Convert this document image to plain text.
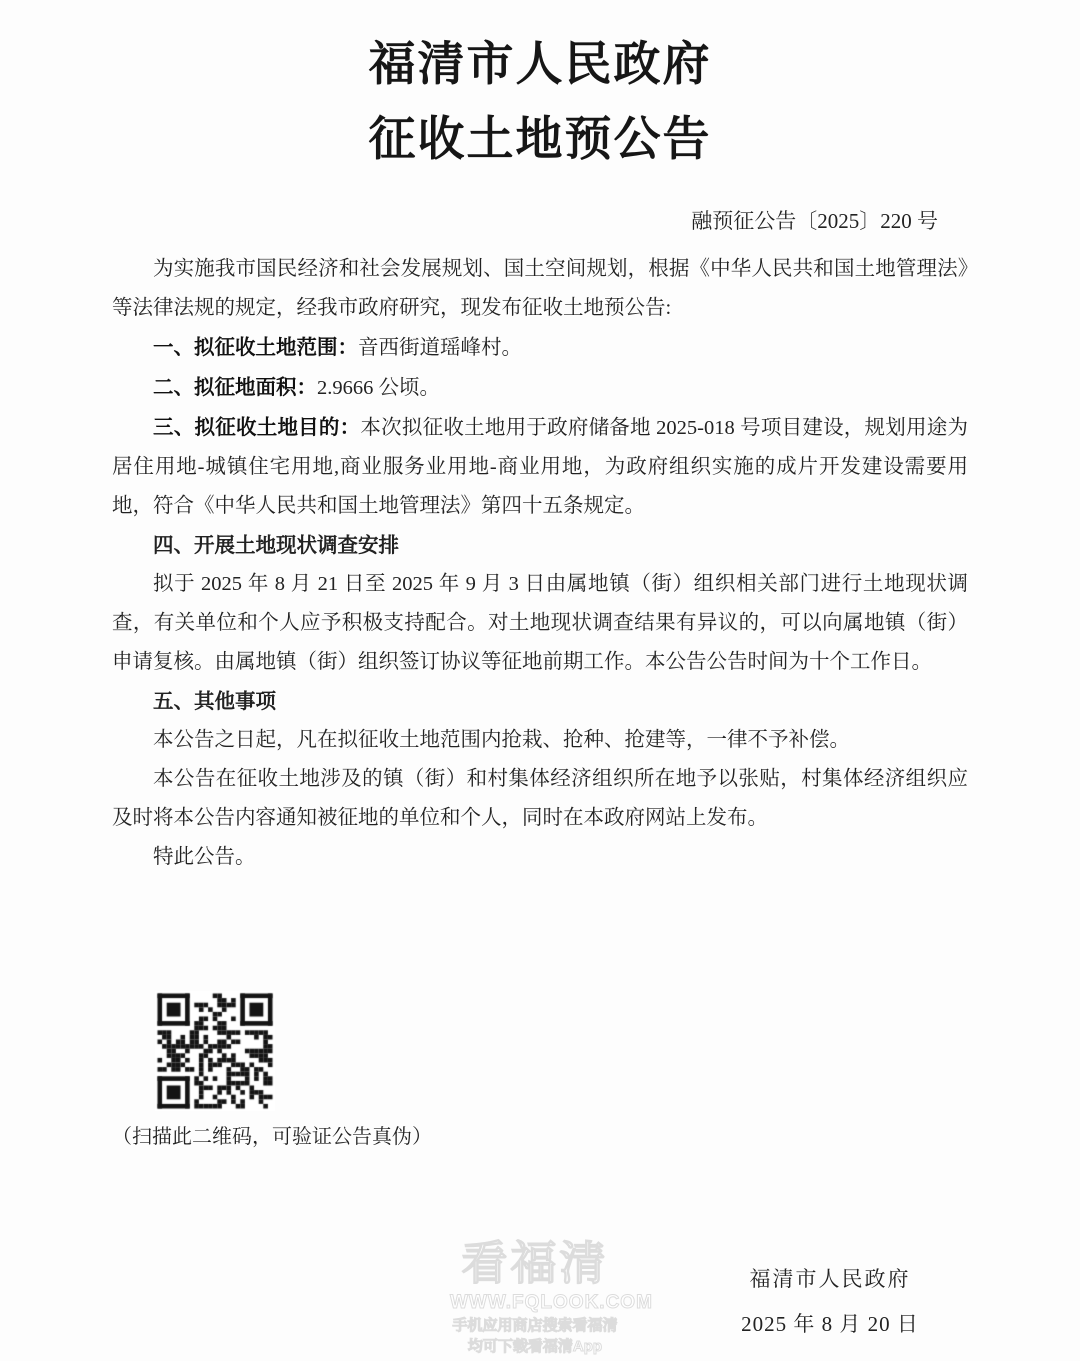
福清市人民政府
征收土地预公告
融预征公告〔2025〕220 号

为实施我市国民经济和社会发展规划、国土空间规划，根据《中华人民共和国土地管理法》等法律法规的规定，经我市政府研究，现发布征收土地预公告:

一、拟征收土地范围：音西街道瑶峰村。

二、拟征地面积：2.9666 公顷。

三、拟征收土地目的：本次拟征收土地用于政府储备地 2025-018 号项目建设，规划用途为居住用地-城镇住宅用地,商业服务业用地-商业用地，为政府组织实施的成片开发建设需要用地，符合《中华人民共和国土地管理法》第四十五条规定。

四、开展土地现状调查安排

拟于 2025 年 8 月 21 日至 2025 年 9 月 3 日由属地镇（街）组织相关部门进行土地现状调查，有关单位和个人应予积极支持配合。对土地现状调查结果有异议的，可以向属地镇（街）申请复核。由属地镇（街）组织签订协议等征地前期工作。本公告公告时间为十个工作日。

五、其他事项

本公告之日起，凡在拟征收土地范围内抢栽、抢种、抢建等，一律不予补偿。

本公告在征收土地涉及的镇（街）和村集体经济组织所在地予以张贴，村集体经济组织应及时将本公告内容通知被征地的单位和个人，同时在本政府网站上发布。

特此公告。

（扫描此二维码，可验证公告真伪）
看福清
WWW.FQLOOK.COM
手机应用商店搜索看福清
均可下载看福清App
福清市人民政府
2025 年 8 月 20 日
